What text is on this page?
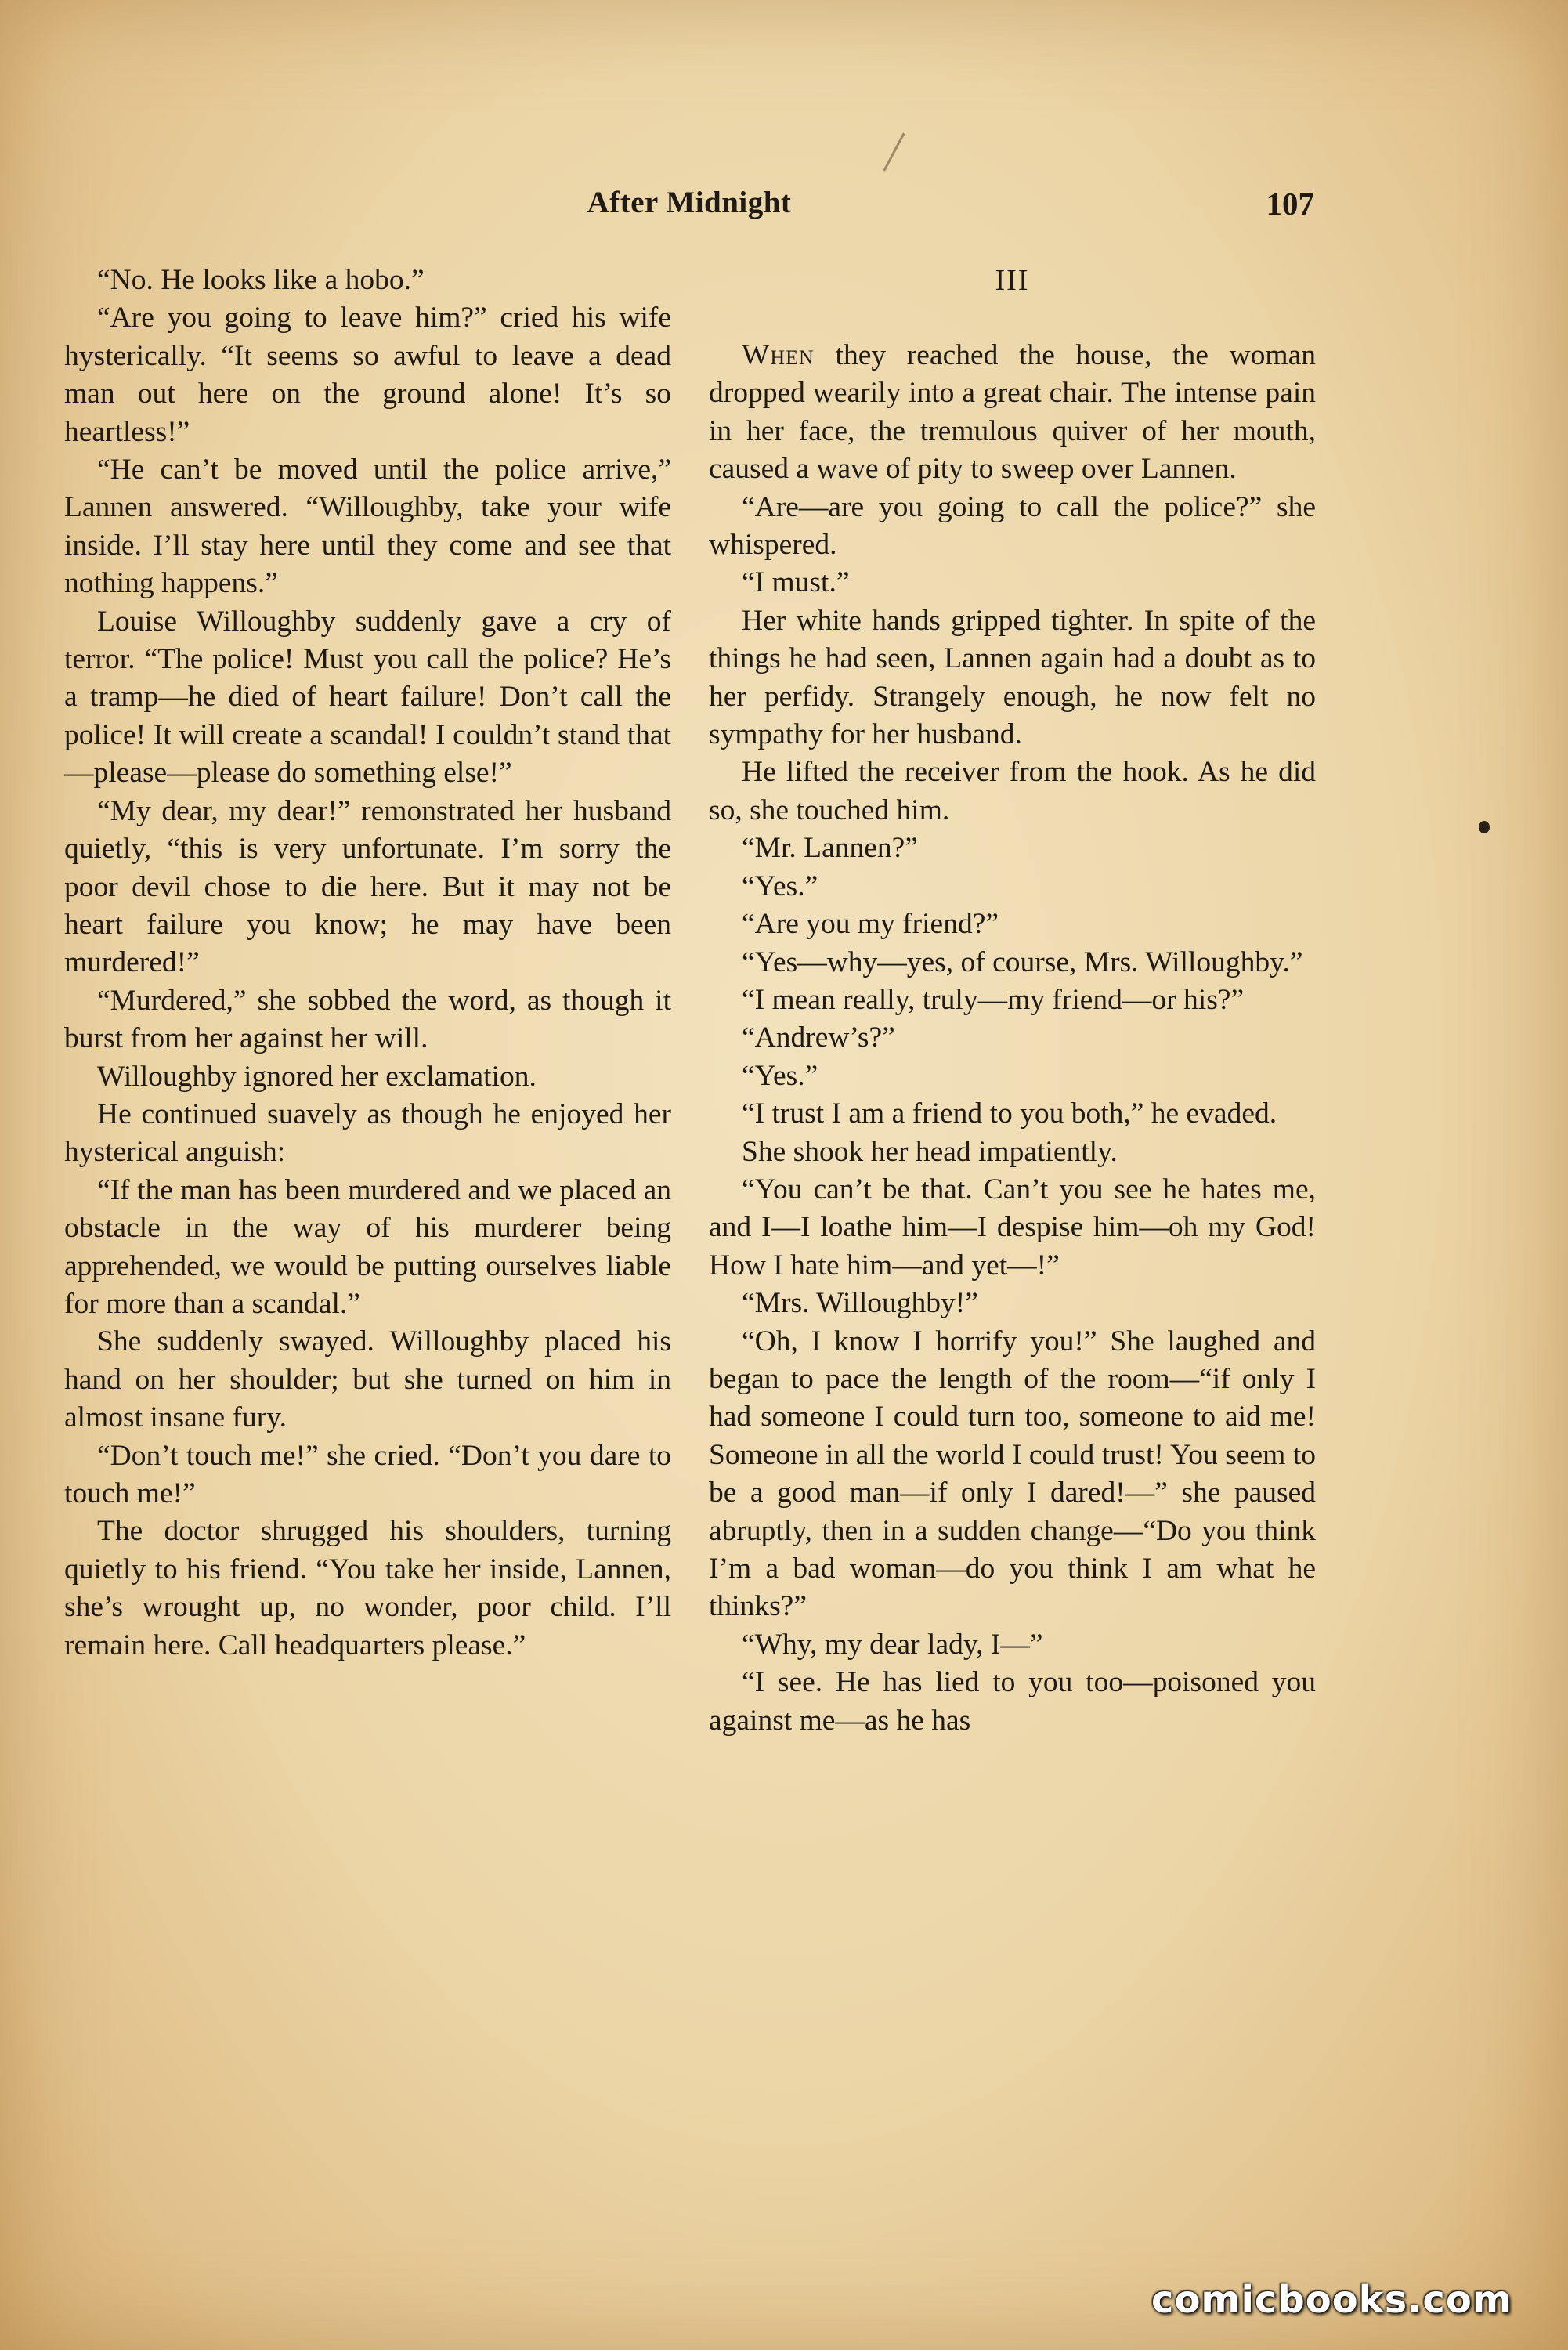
After Midnight	107

“No. He looks like a hobo.”

“Are you going to leave him?” cried his wife hysterically. “It seems so awful to leave a dead man out here on the ground alone! It’s so heartless!”

“He can’t be moved until the police arrive,” Lannen answered. “Willoughby, take your wife inside. I’ll stay here until they come and see that nothing happens.”

Louise Willoughby suddenly gave a cry of terror. “The police! Must you call the police? He’s a tramp—he died of heart failure! Don’t call the police! It will create a scandal! I couldn’t stand that—please—please do something else!”

“My dear, my dear!” remonstrated her husband quietly, “this is very unfortunate. I’m sorry the poor devil chose to die here. But it may not be heart failure you know; he may have been murdered!”

“Murdered,” she sobbed the word, as though it burst from her against her will.

Willoughby ignored her exclamation.

He continued suavely as though he enjoyed her hysterical anguish:

“If the man has been murdered and we placed an obstacle in the way of his murderer being apprehended, we would be putting ourselves liable for more than a scandal.”

She suddenly swayed. Willoughby placed his hand on her shoulder; but she turned on him in almost insane fury.

“Don’t touch me!” she cried. “Don’t you dare to touch me!”

The doctor shrugged his shoulders, turning quietly to his friend. “You take her inside, Lannen, she’s wrought up, no wonder, poor child. I’ll remain here. Call headquarters please.”

III

When they reached the house, the woman dropped wearily into a great chair. The intense pain in her face, the tremulous quiver of her mouth, caused a wave of pity to sweep over Lannen.

“Are—are you going to call the police?” she whispered.

“I must.”

Her white hands gripped tighter. In spite of the things he had seen, Lannen again had a doubt as to her perfidy. Strangely enough, he now felt no sympathy for her husband.

He lifted the receiver from the hook. As he did so, she touched him.

“Mr. Lannen?”

“Yes.”

“Are you my friend?”

“Yes—why—yes, of course, Mrs. Willoughby.”

“I mean really, truly—my friend—or his?”

“Andrew’s?”

“Yes.”

“I trust I am a friend to you both,” he evaded.

She shook her head impatiently.

“You can’t be that. Can’t you see he hates me, and I—I loathe him—I despise him—oh my God! How I hate him—and yet—!”

“Mrs. Willoughby!”

“Oh, I know I horrify you!” She laughed and began to pace the length of the room—“if only I had someone I could turn too, someone to aid me! Someone in all the world I could trust! You seem to be a good man—if only I dared!—” she paused abruptly, then in a sudden change—“Do you think I’m a bad woman—do you think I am what he thinks?”

“Why, my dear lady, I—”

“I see. He has lied to you too—poisoned you against me—as he has

comicbooks.com
